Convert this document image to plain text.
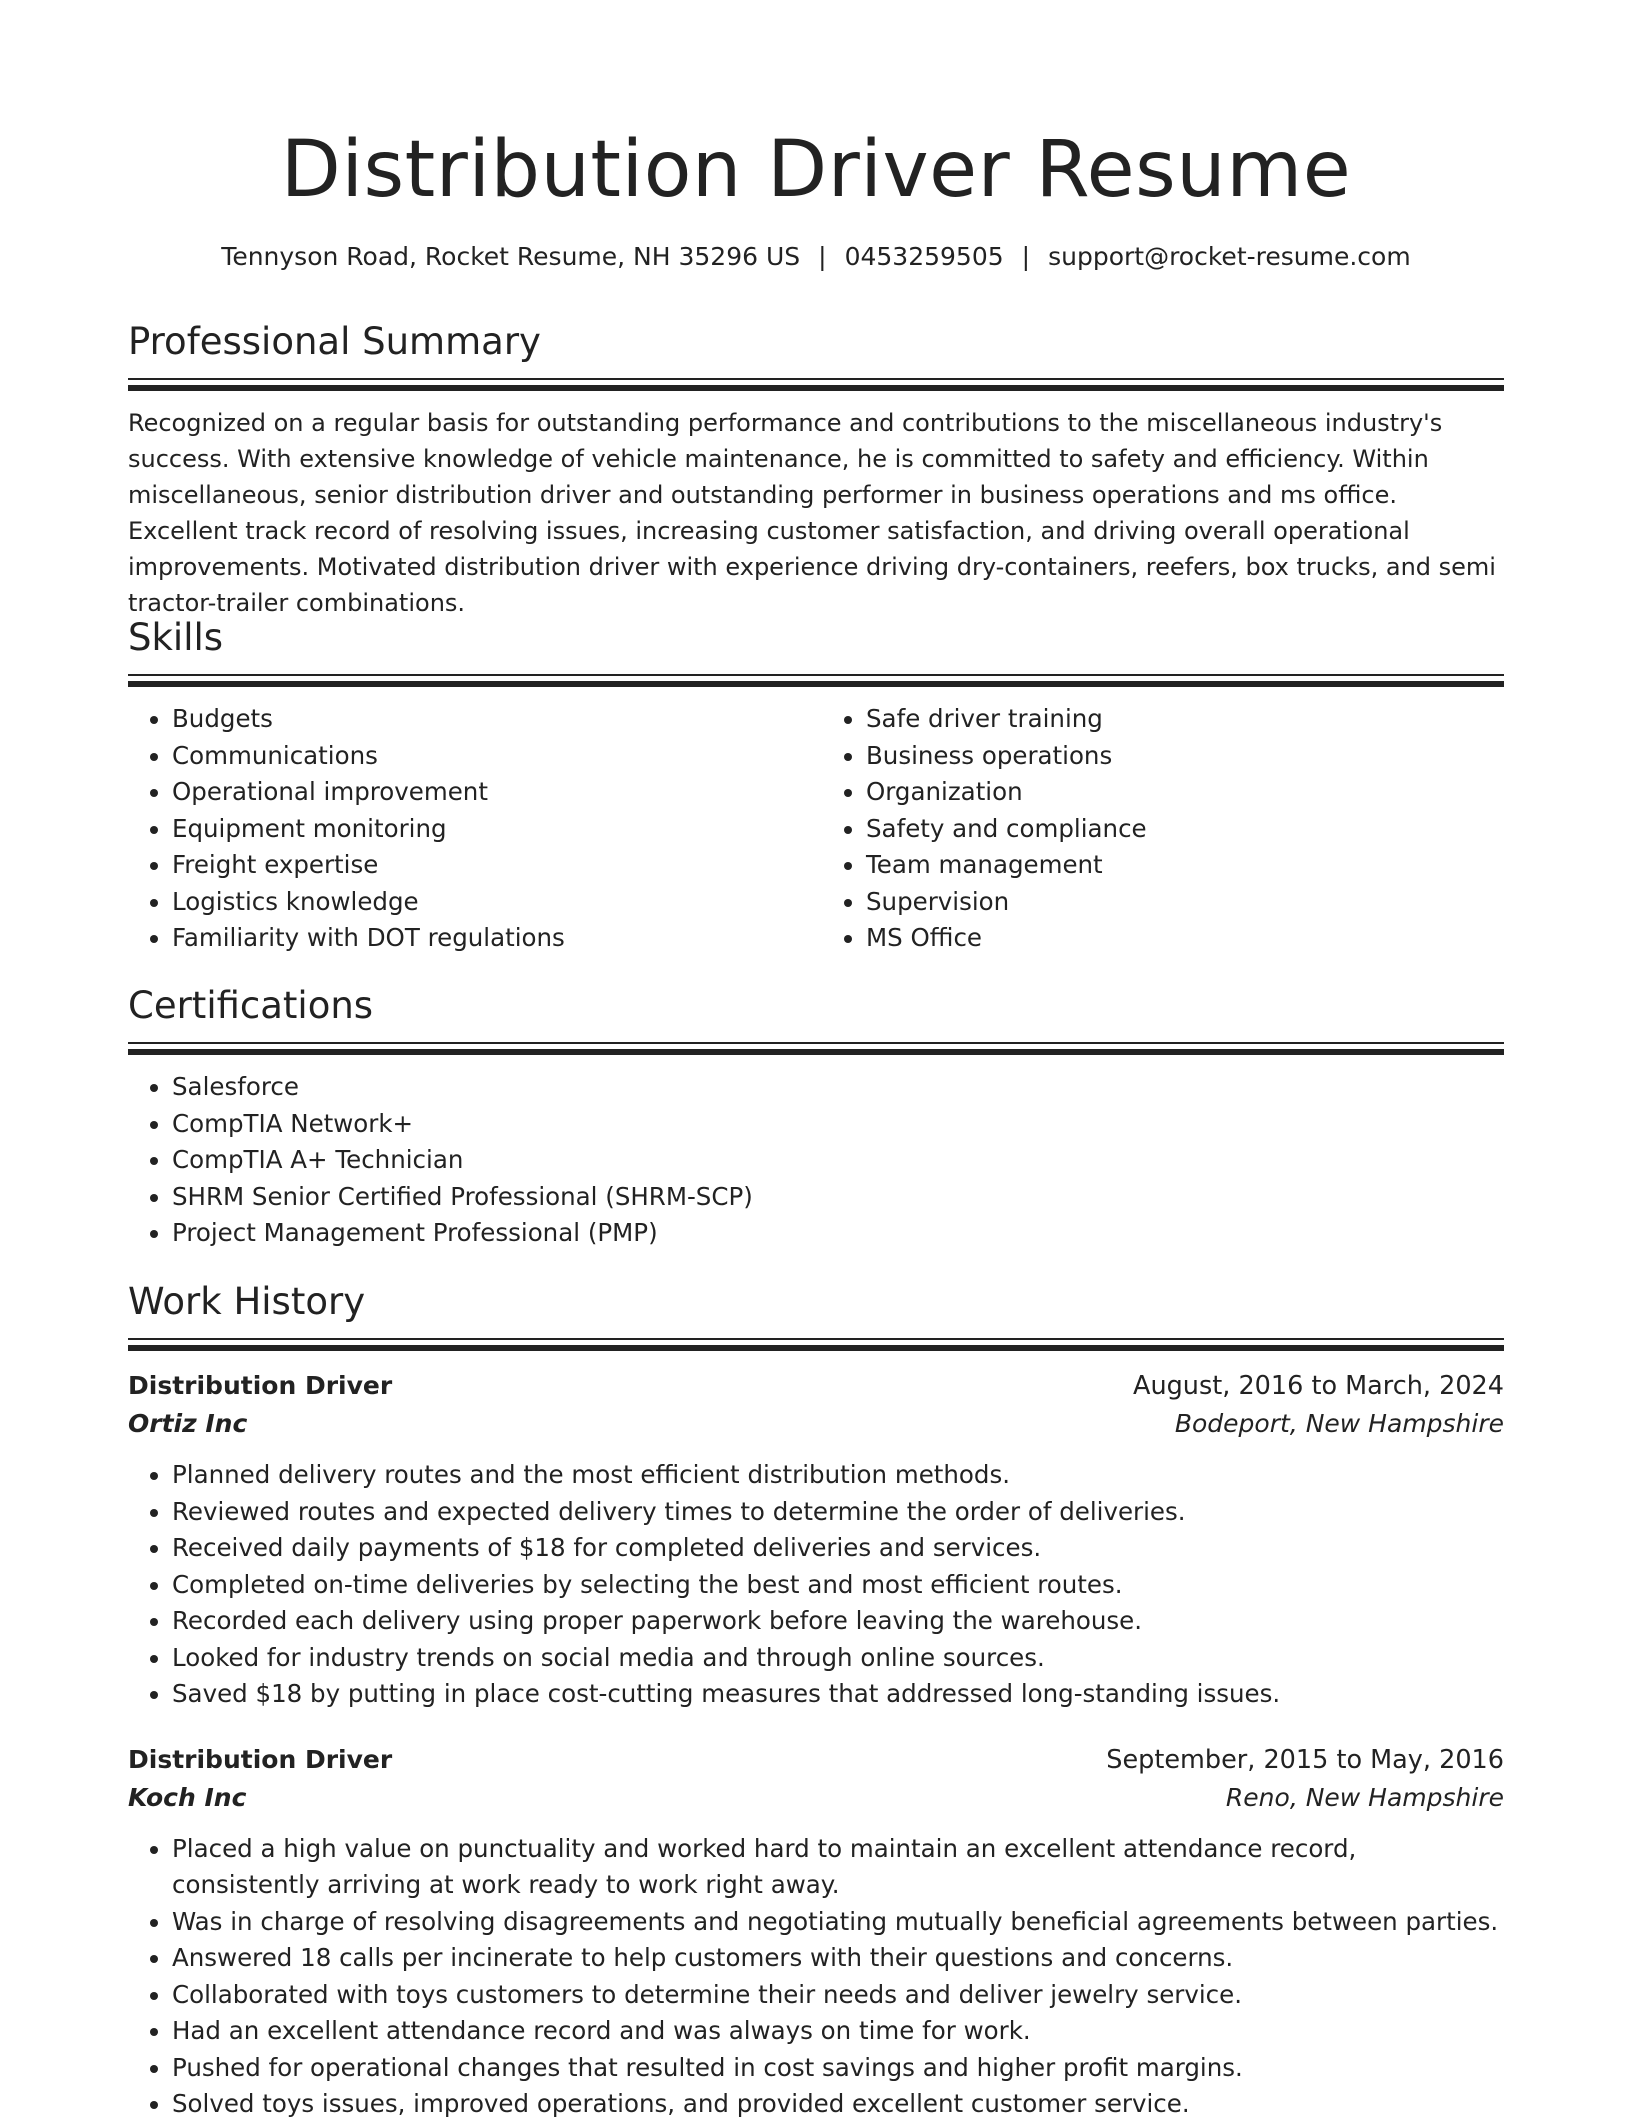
Distribution Driver Resume
Tennyson Road, Rocket Resume, NH 35296 US | 0453259505 | support@rocket-resume.com
Professional Summary
Recognized on a regular basis for outstanding performance and contributions to the miscellaneous industry's success. With extensive knowledge of vehicle maintenance, he is committed to safety and efficiency. Within miscellaneous, senior distribution driver and outstanding performer in business operations and ms office. Excellent track record of resolving issues, increasing customer satisfaction, and driving overall operational improvements. Motivated distribution driver with experience driving dry-containers, reefers, box trucks, and semi tractor-trailer combinations.
Skills
• Budgets
• Communications
• Operational improvement
• Equipment monitoring
• Freight expertise
• Logistics knowledge
• Familiarity with DOT regulations
• Safe driver training
• Business operations
• Organization
• Safety and compliance
• Team management
• Supervision
• MS Office
Certifications
• Salesforce
• CompTIA Network+
• CompTIA A+ Technician
• SHRM Senior Certified Professional (SHRM-SCP)
• Project Management Professional (PMP)
Work History
Distribution Driver	August, 2016 to March, 2024
Ortiz Inc	Bodeport, New Hampshire
• Planned delivery routes and the most efficient distribution methods.
• Reviewed routes and expected delivery times to determine the order of deliveries.
• Received daily payments of $18 for completed deliveries and services.
• Completed on-time deliveries by selecting the best and most efficient routes.
• Recorded each delivery using proper paperwork before leaving the warehouse.
• Looked for industry trends on social media and through online sources.
• Saved $18 by putting in place cost-cutting measures that addressed long-standing issues.
Distribution Driver	September, 2015 to May, 2016
Koch Inc	Reno, New Hampshire
• Placed a high value on punctuality and worked hard to maintain an excellent attendance record, consistently arriving at work ready to work right away.
• Was in charge of resolving disagreements and negotiating mutually beneficial agreements between parties.
• Answered 18 calls per incinerate to help customers with their questions and concerns.
• Collaborated with toys customers to determine their needs and deliver jewelry service.
• Had an excellent attendance record and was always on time for work.
• Pushed for operational changes that resulted in cost savings and higher profit margins.
• Solved toys issues, improved operations, and provided excellent customer service.
